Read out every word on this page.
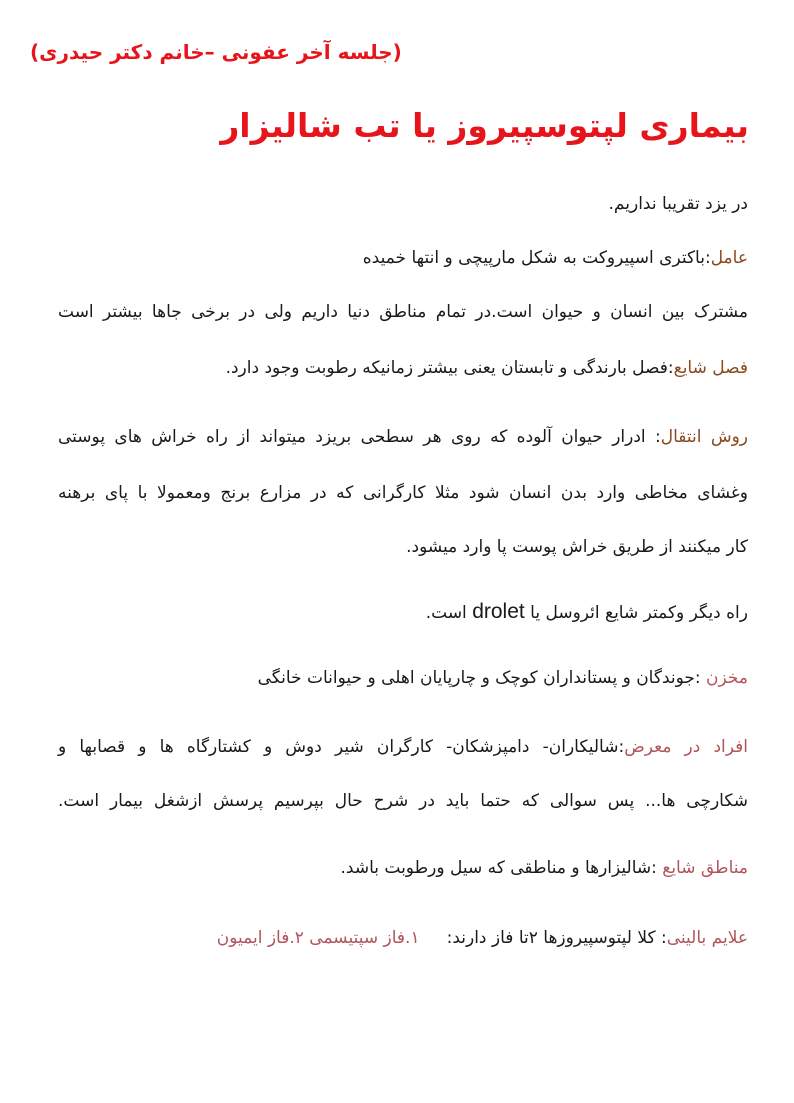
(جلسه آخر عفونی –خانم دکتر حیدری)
بیماری لپتوسپیروز یا تب شالیزار
در یزد تقریبا نداریم.
عامل:باکتری اسپیروکت به شکل مارپیچی و انتها خمیده
مشترک بین انسان و حیوان است.در تمام مناطق دنیا داریم ولی در برخی جاها بیشتر است
فصل شایع:فصل بارندگی و تابستان یعنی بیشتر زمانیکه رطوبت وجود دارد.
روش انتقال: ادرار حیوان آلوده که روی هر سطحی بریزد میتواند از راه خراش های پوستی
وغشای مخاطی وارد بدن انسان شود مثلا کارگرانی که در مزارع برنج ومعمولا با پای برهنه
کار میکنند از طریق خراش پوست پا وارد میشود.
راه دیگر وکمتر شایع ائروسل یا drolet است.
مخزن :جوندگان و پستانداران کوچک و چارپایان اهلی و حیوانات خانگی
افراد در معرض:شالیکاران- دامپزشکان- کارگران شیر دوش و کشتارگاه ها و قصابها و
شکارچی ها... پس سوالی که حتما باید در شرح حال بپرسیم پرسش ازشغل بیمار است.
مناطق شایع :شالیزارها و مناطقی که سیل ورطوبت باشد.
علایم بالینی: کلا لپتوسپیروزها ۲تا فاز دارند:     ۱.فاز سپتیسمی ۲.فاز ایمیون
